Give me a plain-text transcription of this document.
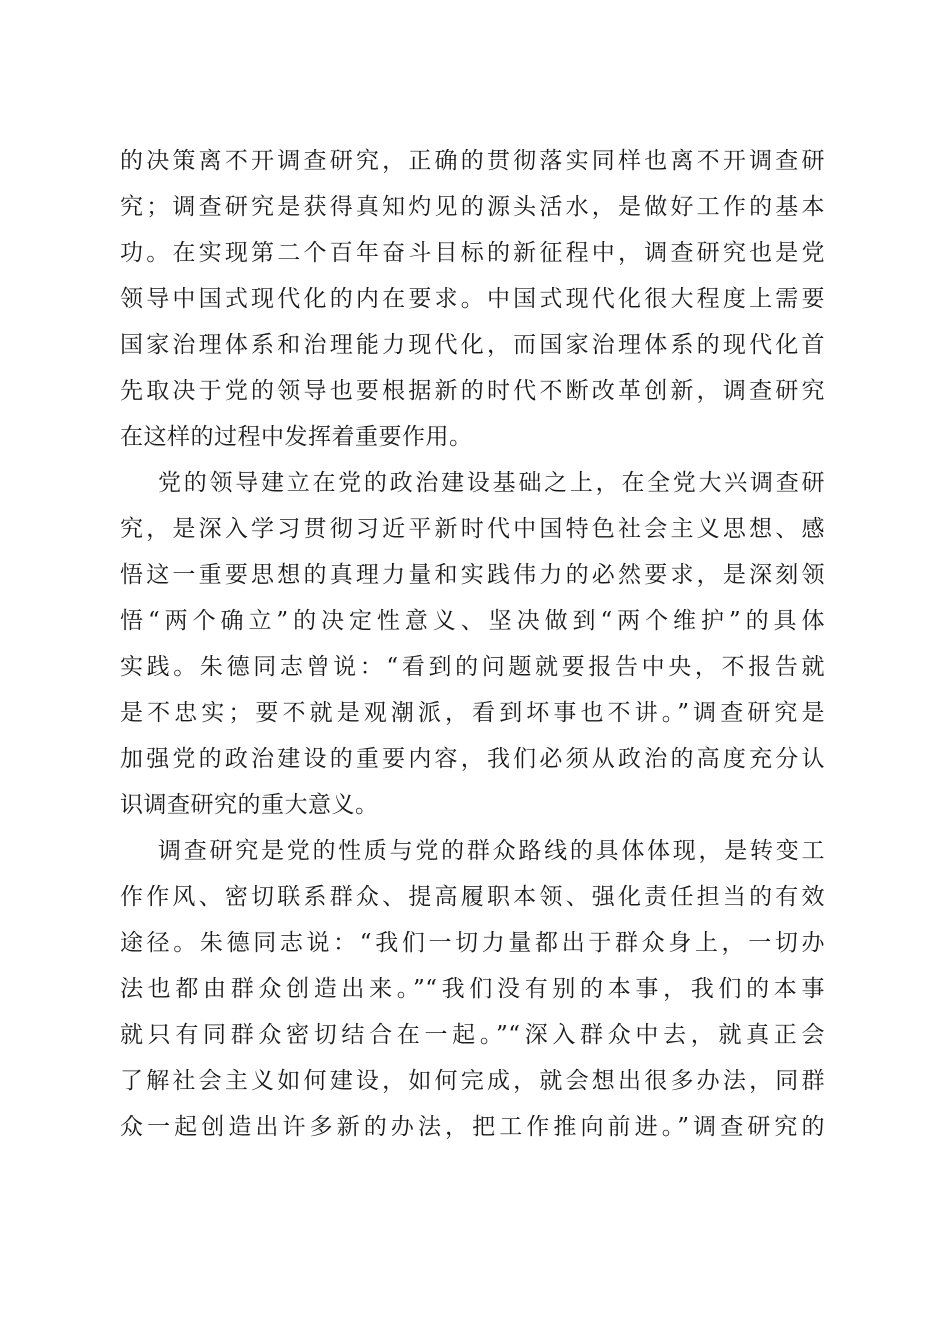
的决策离不开调查研究，正确的贯彻落实同样也离不开调查研
究；调查研究是获得真知灼见的源头活水，是做好工作的基本
功。在实现第二个百年奋斗目标的新征程中，调查研究也是党
领导中国式现代化的内在要求。中国式现代化很大程度上需要
国家治理体系和治理能力现代化，而国家治理体系的现代化首
先取决于党的领导也要根据新的时代不断改革创新，调查研究
在这样的过程中发挥着重要作用。
党的领导建立在党的政治建设基础之上，在全党大兴调查研
究，是深入学习贯彻习近平新时代中国特色社会主义思想、感
悟这一重要思想的真理力量和实践伟力的必然要求，是深刻领
悟“两个确立”的决定性意义、坚决做到“两个维护”的具体
实践。朱德同志曾说：“看到的问题就要报告中央，不报告就
是不忠实；要不就是观潮派，看到坏事也不讲。”调查研究是
加强党的政治建设的重要内容，我们必须从政治的高度充分认
识调查研究的重大意义。
调查研究是党的性质与党的群众路线的具体体现，是转变工
作作风、密切联系群众、提高履职本领、强化责任担当的有效
途径。朱德同志说：“我们一切力量都出于群众身上，一切办
法也都由群众创造出来。”“我们没有别的本事，我们的本事
就只有同群众密切结合在一起。”“深入群众中去，就真正会
了解社会主义如何建设，如何完成，就会想出很多办法，同群
众一起创造出许多新的办法，把工作推向前进。”调查研究的
